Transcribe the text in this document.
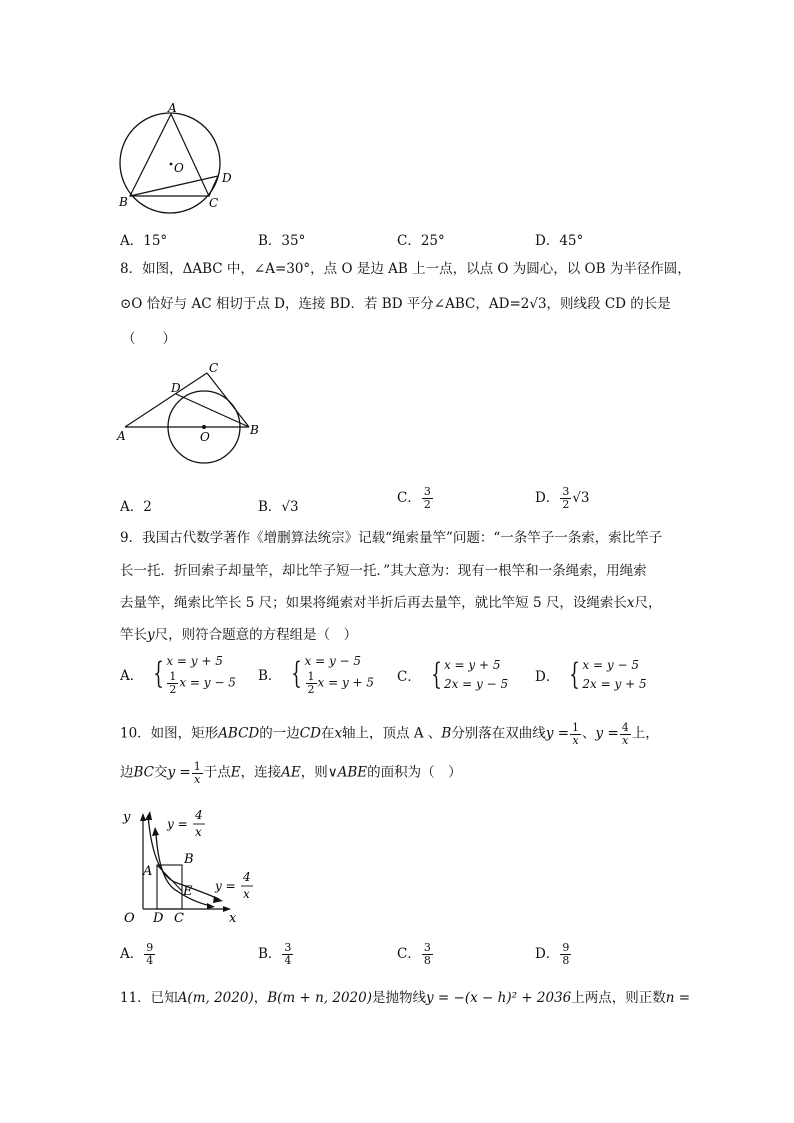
A
O
B	C
D
A．15°	B．35°	C．25°	D．45°
8．如图，ΔABC 中，∠A=30°，点 O 是边 AB 上一点，以点 O 为圆心，以 OB 为半径作圆，
⊙O 恰好与 AC 相切于点 D，连接 BD．若 BD 平分∠ABC，AD=2√3，则线段 CD 的长是
（　　）
C
D
A	O	B
A．2	B．√3
C． $\frac{3}{2}$	D． $\frac{3}{2} √3$
9．我国古代数学著作《增删算法统宗》记载“绳索量竿”问题：“一条竿子一条索，索比竿子
长一托．折回索子却量竿，却比竿子短一托．”其大意为：现有一根竿和一条绳索，用绳索
去量竿，绳索比竿长 5 尺；如果将绳索对半折后再去量竿，就比竿短 5 尺，设绳索长x尺，
竿长y尺，则符合题意的方程组是（　）
A． { x = y + 5
$\frac{1}{2}$ x = y − 5 B． { x = y − 5
$\frac{1}{2}$ x = y + 5 C． { x = y + 5
2x = y − 5 D． { x = y − 5
2x = y + 5
10．如图，矩形ABCD的一边CD在x轴上，顶点 A 、B分别落在双曲线$y = \frac{1}{x}$ 、$y = \frac{4}{x}$ 上，
边BC交$y = \frac{1}{x}$ 于点E，连接AE，则∨ABE的面积为（　）
y
x
O D C
A
B
E
y =
4
x
y =
4
x
A． $\frac{9}{4}$	B． $\frac{3}{4}$	C． $\frac{3}{8}$	D． $\frac{9}{8}$
11．已知A(m, 2020)，B(m + n, 2020)是抛物线y = −(x − h)² + 2036上两点，则正数n =
